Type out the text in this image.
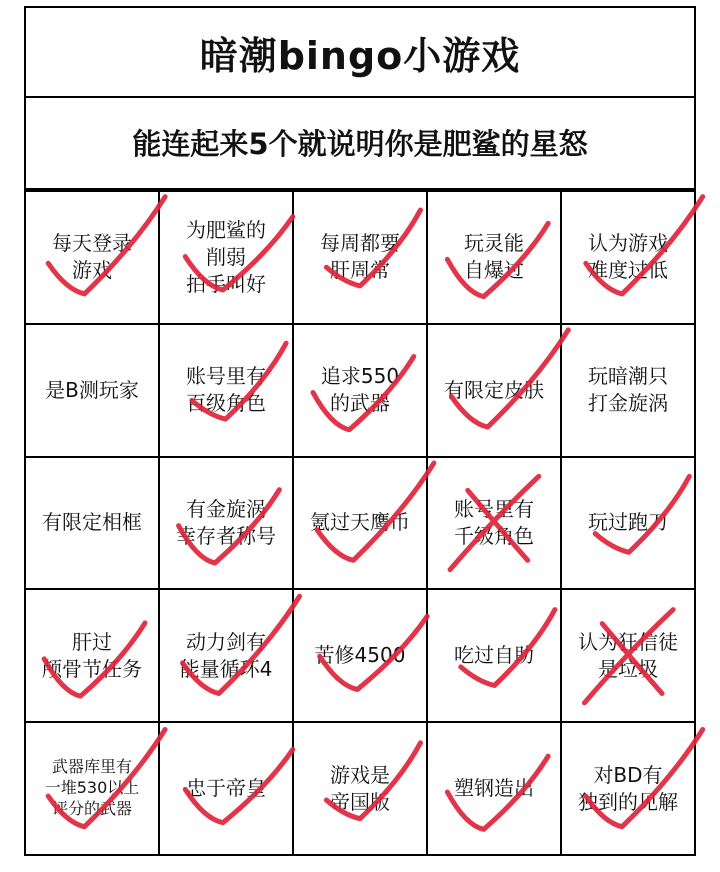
暗潮bingo小游戏
能连起来5个就说明你是肥鲨的星怒
每天登录
游戏
为肥鲨的
削弱
拍手叫好
每周都要
肝周常
玩灵能
自爆过
认为游戏
难度过低
是B测玩家
账号里有
百级角色
追求550
的武器
有限定皮肤
玩暗潮只
打金旋涡
有限定相框
有金旋涡
幸存者称号
氪过天鹰币
账号里有
千级角色
玩过跑刀
肝过
颅骨节任务
动力剑有
能量循环4
苦修4500	吃过自助
认为狂信徒
是垃圾
武器库里有
一堆530以上
评分的武器
忠于帝皇
游戏是
帝国版
塑钢造出
对BD有
独到的见解
